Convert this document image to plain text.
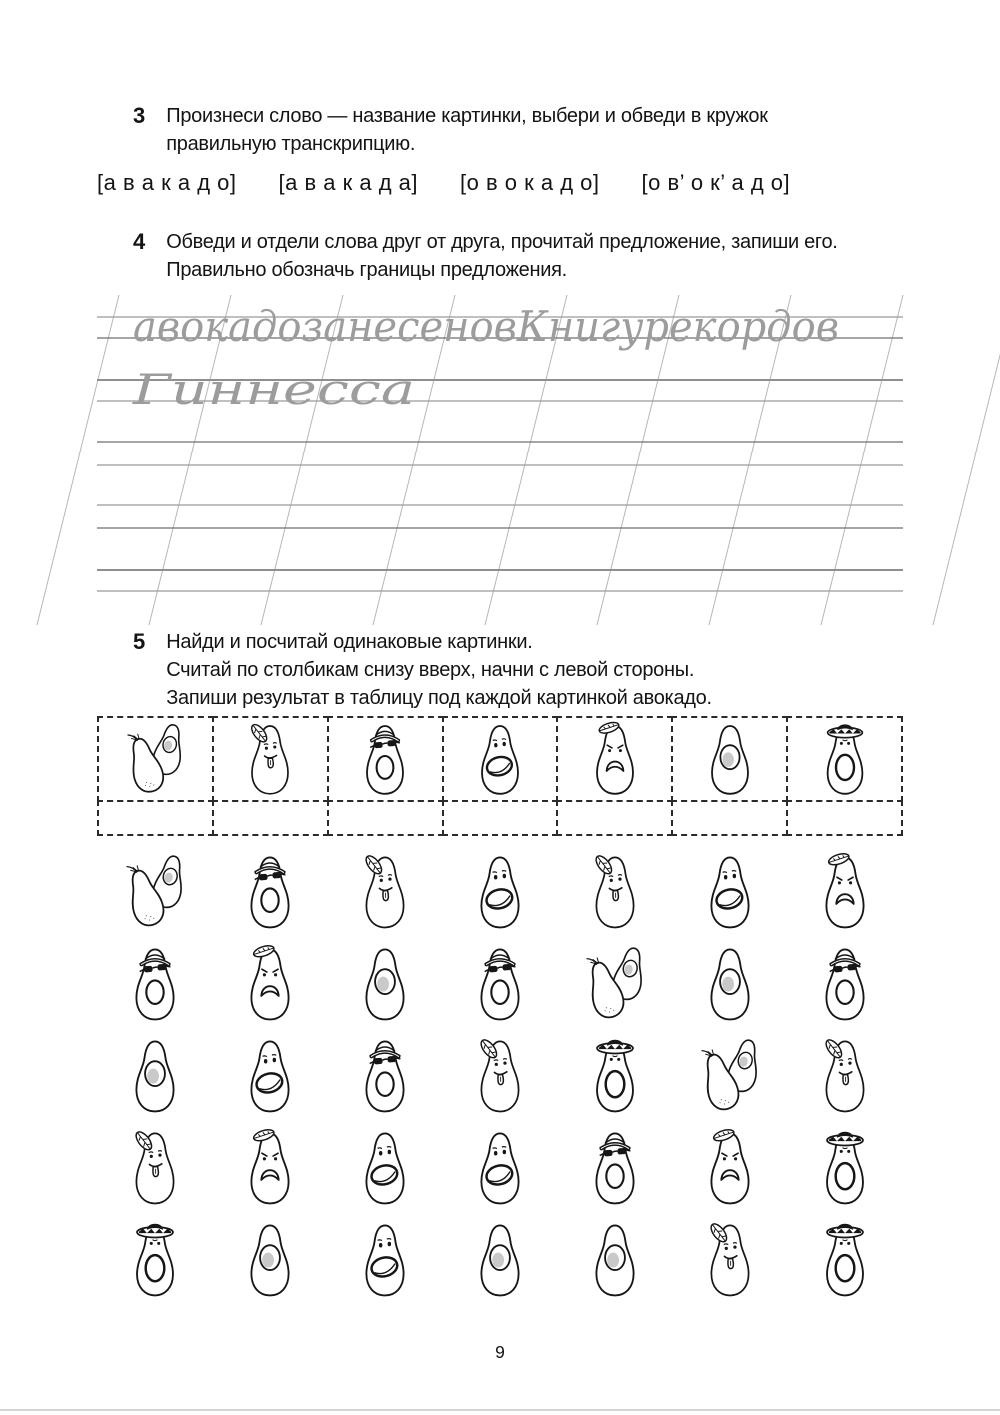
3 Произнеси слово — название картинки, выбери и обведи в кружок
правильную транскрипцию.
[а в а к а д о] [а в а к а д а] [о в о к а д о] [о в’ о к’ а д о]
4 Обведи и отдели слова друг от друга, прочитай предложение, запиши его.
Правильно обозначь границы предложения.
авокадозанесеновКнигурекордов
Гиннесса
5 Найди и посчитай одинаковые картинки.
Считай по столбикам снизу вверх, начни с левой стороны.
Запиши результат в таблицу под каждой картинкой авокадо.
9
